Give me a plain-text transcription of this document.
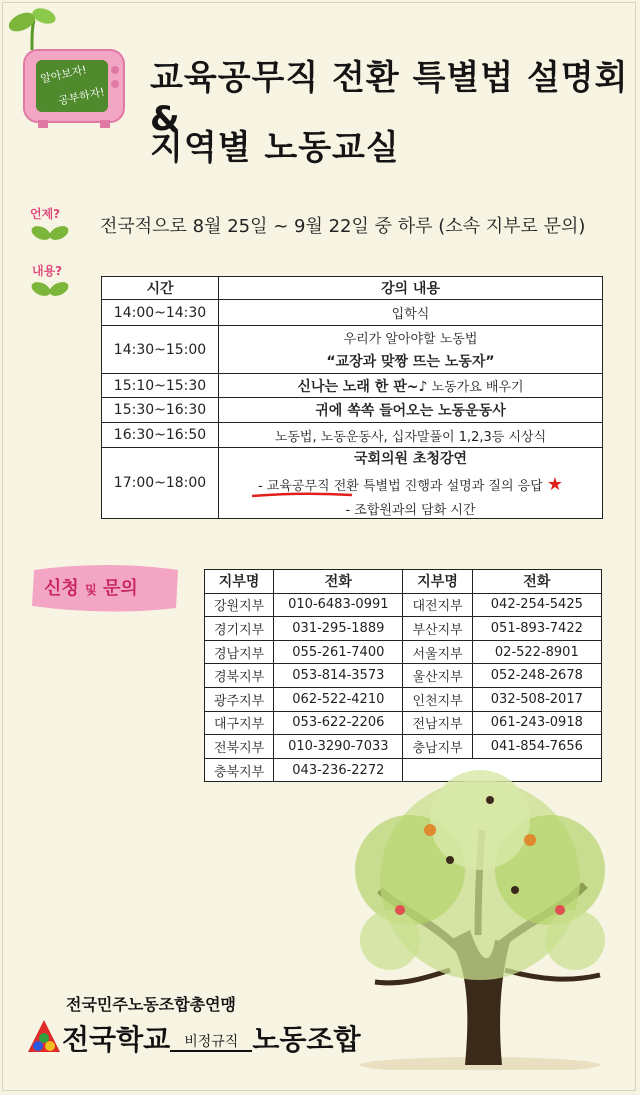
알아보자!
공부하자! 교육공무직 전환 특별법 설명회 &
지역별 노동교실
언제?
전국적으로 8월 25일 ~ 9월 22일 중 하루 (소속 지부로 문의)
내용?
시간	강의 내용
14:00~14:30	입학식
14:30~15:00	우리가 알아야할 노동법
“교장과 맞짱 뜨는 노동자”

15:10~15:30	신나는 노래 한 판~♪ 노동가요 배우기
15:30~16:30	귀에 쏙쏙 들어오는 노동운동사
16:30~16:50	노동법, 노동운동사, 십자말풀이 1,2,3등 시상식
17:00~18:00	국회의원 초청강연
- 교육공무직 전환 특별법 진행과 설명과 질의 응답 ★
- 조합원과의 담화 시간
신청 및 문의	지부명	전화	지부명	전화
강원지부	010-6483-0991	대전지부	042-254-5425
경기지부	031-295-1889	부산지부	051-893-7422
경남지부	055-261-7400	서울지부	02-522-8901
경북지부	053-814-3573	울산지부	052-248-2678
광주지부	062-522-4210	인천지부	032-508-2017
대구지부	053-622-2206	전남지부	061-243-0918
전북지부	010-3290-7033	충남지부	041-854-7656
충북지부	043-236-2272		
전국민주노동조합총연맹
전국학교 비정규직 노동조합
